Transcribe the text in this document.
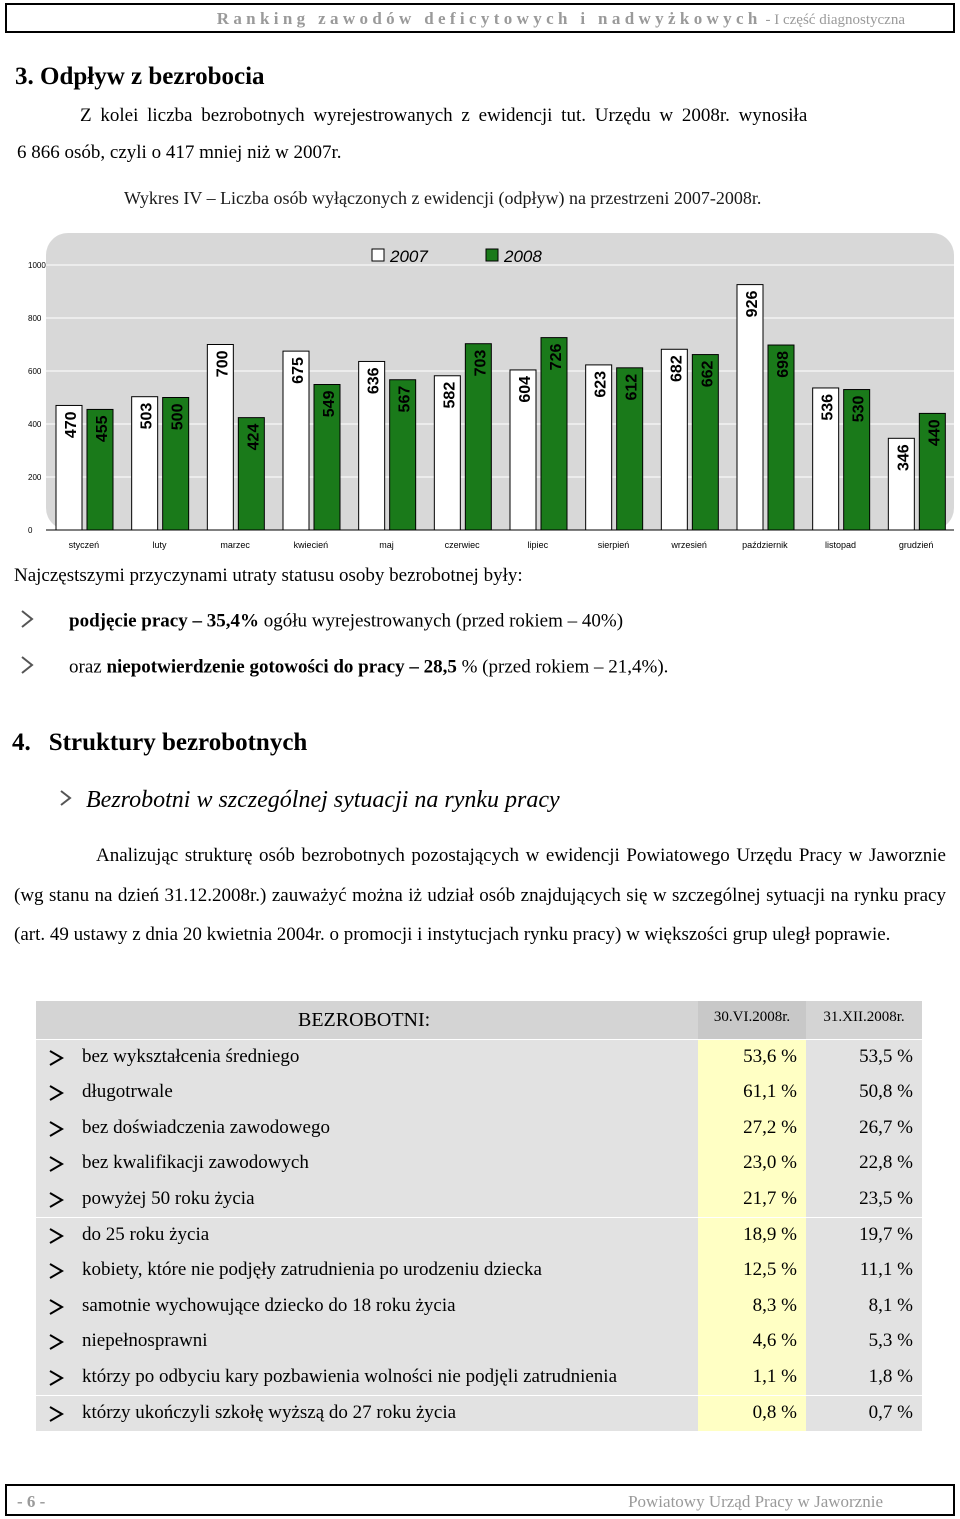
Ranking zawodów deficytowych i nadwyżkowych - I część diagnostyczna
3. Odpływ z bezrobocia
Z kolei liczba bezrobotnych wyrejestrowanych z ewidencji tut. Urzędu w 2008r. wynosiła
6 866 osób, czyli o 417 mniej niż w 2007r.
Wykres IV – Liczba osób wyłączonych z ewidencji (odpływ) na przestrzeni 2007-2008r.
0
200
400
600
800
1000
470 455
styczeń
503 500
luty
700
424
marzec
675
549
kwiecień
636
567
maj
582
703
czerwiec
604
726
lipiec
623 612
sierpień
682 662
wrzesień
926
698
październik
536 530
listopad
346
440
grudzień
2007	2008
Najczęstszymi przyczynami utraty statusu osoby bezrobotnej były:
podjęcie pracy – 35,4% ogółu wyrejestrowanych (przed rokiem – 40%)
oraz niepotwierdzenie gotowości do pracy – 28,5 % (przed rokiem – 21,4%).
4. Struktury bezrobotnych
Bezrobotni w szczególnej sytuacji na rynku pracy
Analizując strukturę osób bezrobotnych pozostających w ewidencji Powiatowego Urzędu Pracy w Jaworznie (wg stanu na dzień 31.12.2008r.) zauważyć można iż udział osób znajdujących się w szczególnej sytuacji na rynku pracy (art. 49 ustawy z dnia 20 kwietnia 2004r. o promocji i instytucjach rynku pracy) w większości grup uległ poprawie.
BEZROBOTNI:	30.VI.2008r.	31.XII.2008r.
bez wykształcenia średniego	53,6 %	53,5 %
długotrwale	61,1 %	50,8 %
bez doświadczenia zawodowego	27,2 %	26,7 %
bez kwalifikacji zawodowych	23,0 %	22,8 %
powyżej 50 roku życia	21,7 %	23,5 %
do 25 roku życia	18,9 %	19,7 %
kobiety, które nie podjęły zatrudnienia po urodzeniu dziecka	12,5 %	11,1 %
samotnie wychowujące dziecko do 18 roku życia	8,3 %	8,1 %
niepełnosprawni	4,6 %	5,3 %
którzy po odbyciu kary pozbawienia wolności nie podjęli zatrudnienia	1,1 %	1,8 %
którzy ukończyli szkołę wyższą do 27 roku życia	0,8 %	0,7 %
- 6 -	Powiatowy Urząd Pracy w Jaworznie
